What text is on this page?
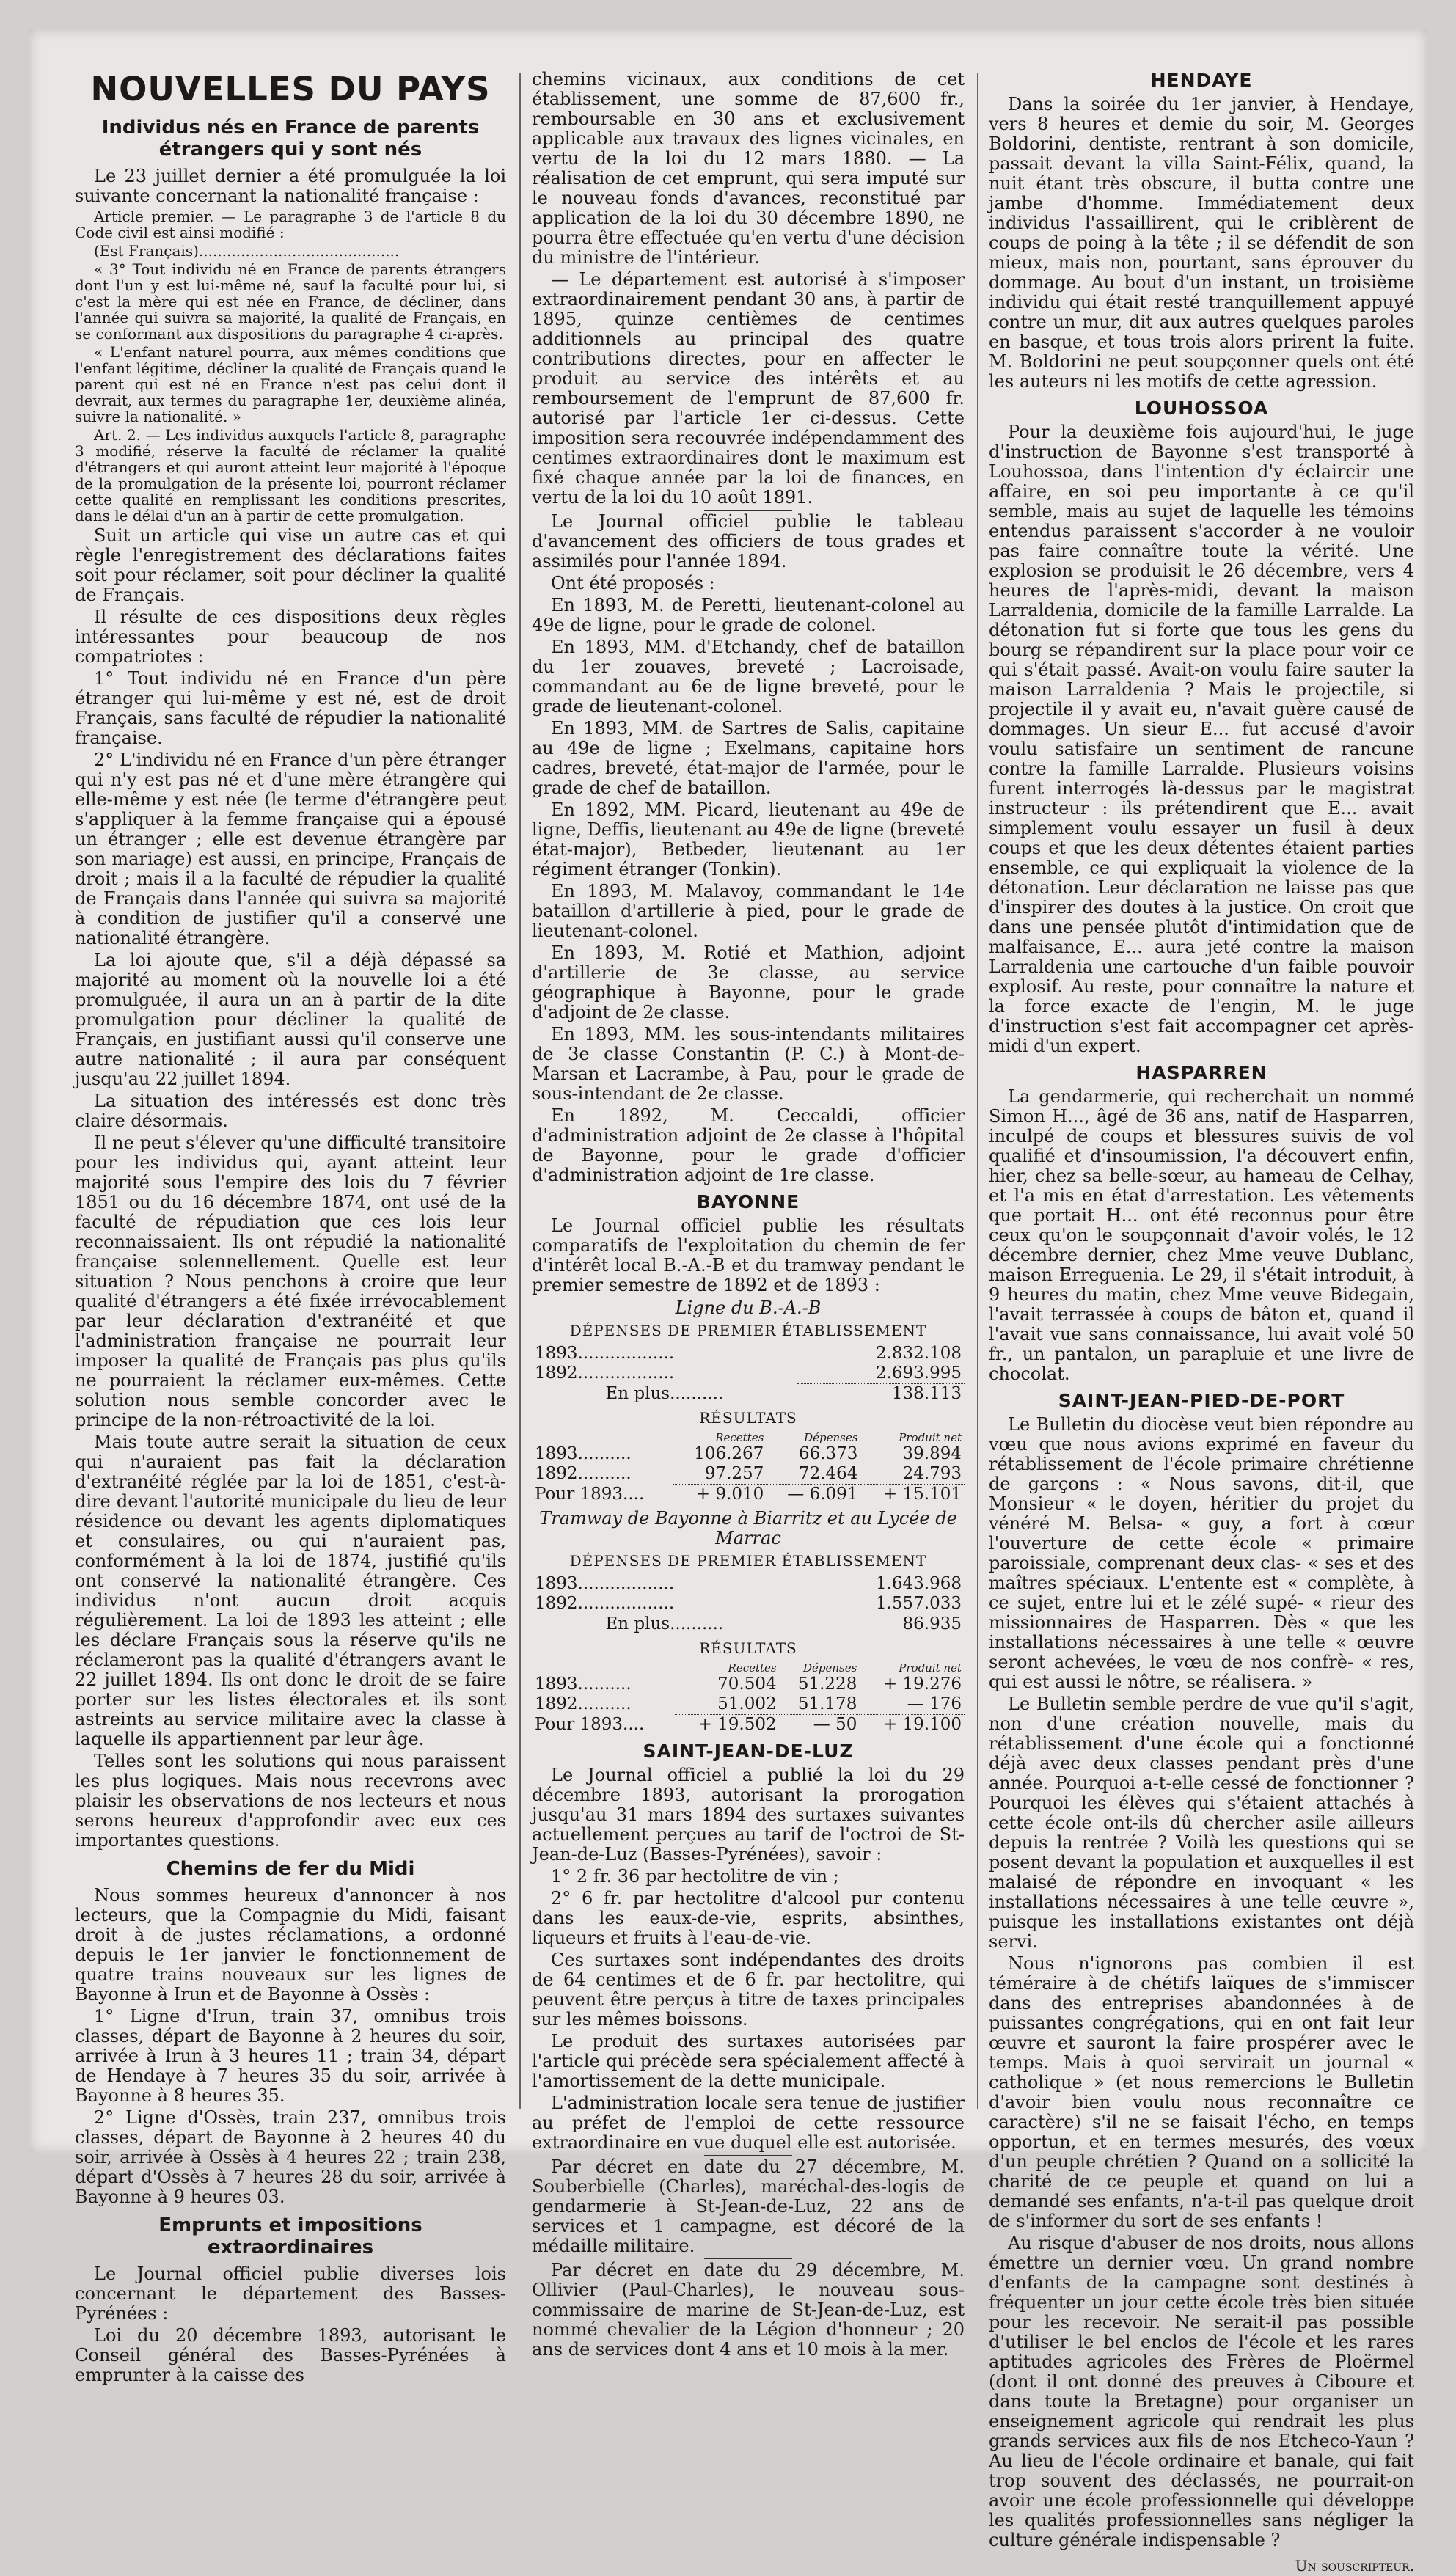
NOUVELLES DU PAYS
Individus nés en France de parents étrangers qui y sont nés

Le 23 juillet dernier a été promulguée la loi suivante concernant la nationalité française :

Article premier. — Le paragraphe 3 de l'article 8 du Code civil est ainsi modifié :

(Est Français)...........................................

« 3° Tout individu né en France de parents étrangers dont l'un y est lui-même né, sauf la faculté pour lui, si c'est la mère qui est née en France, de décliner, dans l'année qui suivra sa majorité, la qualité de Français, en se conformant aux dispositions du paragraphe 4 ci-après.

« L'enfant naturel pourra, aux mêmes conditions que l'enfant légitime, décliner la qualité de Français quand le parent qui est né en France n'est pas celui dont il devrait, aux termes du paragraphe 1er, deuxième alinéa, suivre la nationalité. »

Art. 2. — Les individus auxquels l'article 8, paragraphe 3 modifié, réserve la faculté de réclamer la qualité d'étrangers et qui auront atteint leur majorité à l'époque de la promulgation de la présente loi, pourront réclamer cette qualité en remplissant les conditions prescrites, dans le délai d'un an à partir de cette promulgation.

Suit un article qui vise un autre cas et qui règle l'enregistrement des déclarations faites soit pour réclamer, soit pour décliner la qualité de Français.

Il résulte de ces dispositions deux règles intéressantes pour beaucoup de nos compatriotes :

1° Tout individu né en France d'un père étranger qui lui-même y est né, est de droit Français, sans faculté de répudier la nationalité française.

2° L'individu né en France d'un père étranger qui n'y est pas né et d'une mère étrangère qui elle-même y est née (le terme d'étrangère peut s'appliquer à la femme française qui a épousé un étranger ; elle est devenue étrangère par son mariage) est aussi, en principe, Français de droit ; mais il a la faculté de répudier la qualité de Français dans l'année qui suivra sa majorité à condition de justifier qu'il a conservé une nationalité étrangère.

La loi ajoute que, s'il a déjà dépassé sa majorité au moment où la nouvelle loi a été promulguée, il aura un an à partir de la dite promulgation pour décliner la qualité de Français, en justifiant aussi qu'il conserve une autre nationalité ; il aura par conséquent jusqu'au 22 juillet 1894.

La situation des intéressés est donc très claire désormais.

Il ne peut s'élever qu'une difficulté transitoire pour les individus qui, ayant atteint leur majorité sous l'empire des lois du 7 février 1851 ou du 16 décembre 1874, ont usé de la faculté de répudiation que ces lois leur reconnaissaient. Ils ont répudié la nationalité française solennellement. Quelle est leur situation ? Nous penchons à croire que leur qualité d'étrangers a été fixée irrévocablement par leur déclaration d'extranéité et que l'administration française ne pourrait leur imposer la qualité de Français pas plus qu'ils ne pourraient la réclamer eux-mêmes. Cette solution nous semble concorder avec le principe de la non-rétroactivité de la loi.

Mais toute autre serait la situation de ceux qui n'auraient pas fait la déclaration d'extranéité réglée par la loi de 1851, c'est-à-dire devant l'autorité municipale du lieu de leur résidence ou devant les agents diplomatiques et consulaires, ou qui n'auraient pas, conformément à la loi de 1874, justifié qu'ils ont conservé la nationalité étrangère. Ces individus n'ont aucun droit acquis régulièrement. La loi de 1893 les atteint ; elle les déclare Français sous la réserve qu'ils ne réclameront pas la qualité d'étrangers avant le 22 juillet 1894. Ils ont donc le droit de se faire porter sur les listes électorales et ils sont astreints au service militaire avec la classe à laquelle ils appartiennent par leur âge.

Telles sont les solutions qui nous paraissent les plus logiques. Mais nous recevrons avec plaisir les observations de nos lecteurs et nous serons heureux d'approfondir avec eux ces importantes questions.

Chemins de fer du Midi

Nous sommes heureux d'annoncer à nos lecteurs, que la Compagnie du Midi, faisant droit à de justes réclamations, a ordonné depuis le 1er janvier le fonctionnement de quatre trains nouveaux sur les lignes de Bayonne à Irun et de Bayonne à Ossès :

1° Ligne d'Irun, train 37, omnibus trois classes, départ de Bayonne à 2 heures du soir, arrivée à Irun à 3 heures 11 ; train 34, départ de Hendaye à 7 heures 35 du soir, arrivée à Bayonne à 8 heures 35.

2° Ligne d'Ossès, train 237, omnibus trois classes, départ de Bayonne à 2 heures 40 du soir, arrivée à Ossès à 4 heures 22 ; train 238, départ d'Ossès à 7 heures 28 du soir, arrivée à Bayonne à 9 heures 03.

Emprunts et impositions extraordinaires

Le Journal officiel publie diverses lois concernant le département des Basses-Pyrénées :

Loi du 20 décembre 1893, autorisant le Conseil général des Basses-Pyrénées à emprunter à la caisse des

chemins vicinaux, aux conditions de cet établissement, une somme de 87,600 fr., remboursable en 30 ans et exclusivement applicable aux travaux des lignes vicinales, en vertu de la loi du 12 mars 1880. — La réalisation de cet emprunt, qui sera imputé sur le nouveau fonds d'avances, reconstitué par application de la loi du 30 décembre 1890, ne pourra être effectuée qu'en vertu d'une décision du ministre de l'intérieur.

— Le département est autorisé à s'imposer extraordinairement pendant 30 ans, à partir de 1895, quinze centièmes de centimes additionnels au principal des quatre contributions directes, pour en affecter le produit au service des intérêts et au remboursement de l'emprunt de 87,600 fr. autorisé par l'article 1er ci-dessus. Cette imposition sera recouvrée indépendamment des centimes extraordinaires dont le maximum est fixé chaque année par la loi de finances, en vertu de la loi du 10 août 1891.

Le Journal officiel publie le tableau d'avancement des officiers de tous grades et assimilés pour l'année 1894.

Ont été proposés :

En 1893, M. de Peretti, lieutenant-colonel au 49e de ligne, pour le grade de colonel.

En 1893, MM. d'Etchandy, chef de bataillon du 1er zouaves, breveté ; Lacroisade, commandant au 6e de ligne breveté, pour le grade de lieutenant-colonel.

En 1893, MM. de Sartres de Salis, capitaine au 49e de ligne ; Exelmans, capitaine hors cadres, breveté, état-major de l'armée, pour le grade de chef de bataillon.

En 1892, MM. Picard, lieutenant au 49e de ligne, Deffis, lieutenant au 49e de ligne (breveté état-major), Betbeder, lieutenant au 1er régiment étranger (Tonkin).

En 1893, M. Malavoy, commandant le 14e bataillon d'artillerie à pied, pour le grade de lieutenant-colonel.

En 1893, M. Rotié et Mathion, adjoint d'artillerie de 3e classe, au service géographique à Bayonne, pour le grade d'adjoint de 2e classe.

En 1893, MM. les sous-intendants militaires de 3e classe Constantin (P. C.) à Mont-de-Marsan et Lacrambe, à Pau, pour le grade de sous-intendant de 2e classe.

En 1892, M. Ceccaldi, officier d'administration adjoint de 2e classe à l'hôpital de Bayonne, pour le grade d'officier d'administration adjoint de 1re classe.

BAYONNE

Le Journal officiel publie les résultats comparatifs de l'exploitation du chemin de fer d'intérêt local B.-A.-B et du tramway pendant le premier semestre de 1892 et de 1893 :

Ligne du B.-A.-B
DÉPENSES DE PREMIER ÉTABLISSEMENT
1893..................	2.832.108
1892..................	2.693.995
En plus..........	138.113
RÉSULTATS
	Recettes	Dépenses	Produit net
1893..........	106.267	66.373	39.894
1892..........	97.257	72.464	24.793
Pour 1893....	+ 9.010	— 6.091	+ 15.101
Tramway de Bayonne à Biarritz et au Lycée de Marrac
DÉPENSES DE PREMIER ÉTABLISSEMENT
1893..................	1.643.968
1892..................	1.557.033
En plus..........	86.935
RÉSULTATS
	Recettes	Dépenses	Produit net
1893..........	70.504	51.228	+ 19.276
1892..........	51.002	51.178	— 176
Pour 1893....	+ 19.502	— 50	+ 19.100
SAINT-JEAN-DE-LUZ

Le Journal officiel a publié la loi du 29 décembre 1893, autorisant la prorogation jusqu'au 31 mars 1894 des surtaxes suivantes actuellement perçues au tarif de l'octroi de St-Jean-de-Luz (Basses-Pyrénées), savoir :

1° 2 fr. 36 par hectolitre de vin ;

2° 6 fr. par hectolitre d'alcool pur contenu dans les eaux-de-vie, esprits, absinthes, liqueurs et fruits à l'eau-de-vie.

Ces surtaxes sont indépendantes des droits de 64 centimes et de 6 fr. par hectolitre, qui peuvent être perçus à titre de taxes principales sur les mêmes boissons.

Le produit des surtaxes autorisées par l'article qui précède sera spécialement affecté à l'amortissement de la dette municipale.

L'administration locale sera tenue de justifier au préfet de l'emploi de cette ressource extraordinaire en vue duquel elle est autorisée.

Par décret en date du 27 décembre, M. Souberbielle (Charles), maréchal-des-logis de gendarmerie à St-Jean-de-Luz, 22 ans de services et 1 campagne, est décoré de la médaille militaire.

Par décret en date du 29 décembre, M. Ollivier (Paul-Charles), le nouveau sous-commissaire de marine de St-Jean-de-Luz, est nommé chevalier de la Légion d'honneur ; 20 ans de services dont 4 ans et 10 mois à la mer.

HENDAYE

Dans la soirée du 1er janvier, à Hendaye, vers 8 heures et demie du soir, M. Georges Boldorini, dentiste, rentrant à son domicile, passait devant la villa Saint-Félix, quand, la nuit étant très obscure, il butta contre une jambe d'homme. Immédiatement deux individus l'assaillirent, qui le criblèrent de coups de poing à la tête ; il se défendit de son mieux, mais non, pourtant, sans éprouver du dommage. Au bout d'un instant, un troisième individu qui était resté tranquillement appuyé contre un mur, dit aux autres quelques paroles en basque, et tous trois alors prirent la fuite. M. Boldorini ne peut soupçonner quels ont été les auteurs ni les motifs de cette agression.

LOUHOSSOA

Pour la deuxième fois aujourd'hui, le juge d'instruction de Bayonne s'est transporté à Louhossoa, dans l'intention d'y éclaircir une affaire, en soi peu importante à ce qu'il semble, mais au sujet de laquelle les témoins entendus paraissent s'accorder à ne vouloir pas faire connaître toute la vérité. Une explosion se produisit le 26 décembre, vers 4 heures de l'après-midi, devant la maison Larraldenia, domicile de la famille Larralde. La détonation fut si forte que tous les gens du bourg se répandirent sur la place pour voir ce qui s'était passé. Avait-on voulu faire sauter la maison Larraldenia ? Mais le projectile, si projectile il y avait eu, n'avait guère causé de dommages. Un sieur E... fut accusé d'avoir voulu satisfaire un sentiment de rancune contre la famille Larralde. Plusieurs voisins furent interrogés là-dessus par le magistrat instructeur : ils prétendirent que E... avait simplement voulu essayer un fusil à deux coups et que les deux détentes étaient parties ensemble, ce qui expliquait la violence de la détonation. Leur déclaration ne laisse pas que d'inspirer des doutes à la justice. On croit que dans une pensée plutôt d'intimidation que de malfaisance, E... aura jeté contre la maison Larraldenia une cartouche d'un faible pouvoir explosif. Au reste, pour connaître la nature et la force exacte de l'engin, M. le juge d'instruction s'est fait accompagner cet après-midi d'un expert.

HASPARREN

La gendarmerie, qui recherchait un nommé Simon H..., âgé de 36 ans, natif de Hasparren, inculpé de coups et blessures suivis de vol qualifié et d'insoumission, l'a découvert enfin, hier, chez sa belle-sœur, au hameau de Celhay, et l'a mis en état d'arrestation. Les vêtements que portait H... ont été reconnus pour être ceux qu'on le soupçonnait d'avoir volés, le 12 décembre dernier, chez Mme veuve Dublanc, maison Erreguenia. Le 29, il s'était introduit, à 9 heures du matin, chez Mme veuve Bidegain, l'avait terrassée à coups de bâton et, quand il l'avait vue sans connaissance, lui avait volé 50 fr., un pantalon, un parapluie et une livre de chocolat.

SAINT-JEAN-PIED-DE-PORT

Le Bulletin du diocèse veut bien répondre au vœu que nous avions exprimé en faveur du rétablissement de l'école primaire chrétienne de garçons : « Nous savons, dit-il, que Monsieur « le doyen, héritier du projet du vénéré M. Belsa- « guy, a fort à cœur l'ouverture de cette école « primaire paroissiale, comprenant deux clas- « ses et des maîtres spéciaux. L'entente est « complète, à ce sujet, entre lui et le zélé supé- « rieur des missionnaires de Hasparren. Dès « que les installations nécessaires à une telle « œuvre seront achevées, le vœu de nos confrè- « res, qui est aussi le nôtre, se réalisera. »

Le Bulletin semble perdre de vue qu'il s'agit, non d'une création nouvelle, mais du rétablissement d'une école qui a fonctionné déjà avec deux classes pendant près d'une année. Pourquoi a-t-elle cessé de fonctionner ? Pourquoi les élèves qui s'étaient attachés à cette école ont-ils dû chercher asile ailleurs depuis la rentrée ? Voilà les questions qui se posent devant la population et auxquelles il est malaisé de répondre en invoquant « les installations nécessaires à une telle œuvre », puisque les installations existantes ont déjà servi.

Nous n'ignorons pas combien il est téméraire à de chétifs laïques de s'immiscer dans des entreprises abandonnées à de puissantes congrégations, qui en ont fait leur œuvre et sauront la faire prospérer avec le temps. Mais à quoi servirait un journal « catholique » (et nous remercions le Bulletin d'avoir bien voulu nous reconnaître ce caractère) s'il ne se faisait l'écho, en temps opportun, et en termes mesurés, des vœux d'un peuple chrétien ? Quand on a sollicité la charité de ce peuple et quand on lui a demandé ses enfants, n'a-t-il pas quelque droit de s'informer du sort de ses enfants !

Au risque d'abuser de nos droits, nous allons émettre un dernier vœu. Un grand nombre d'enfants de la campagne sont destinés à fréquenter un jour cette école très bien située pour les recevoir. Ne serait-il pas possible d'utiliser le bel enclos de l'école et les rares aptitudes agricoles des Frères de Ploërmel (dont il ont donné des preuves à Ciboure et dans toute la Bretagne) pour organiser un enseignement agricole qui rendrait les plus grands services aux fils de nos Etcheco-Yaun ? Au lieu de l'école ordinaire et banale, qui fait trop souvent des déclassés, ne pourrait-on avoir une école professionnelle qui développe les qualités professionnelles sans négliger la culture générale indispensable ?

Un souscripteur.
